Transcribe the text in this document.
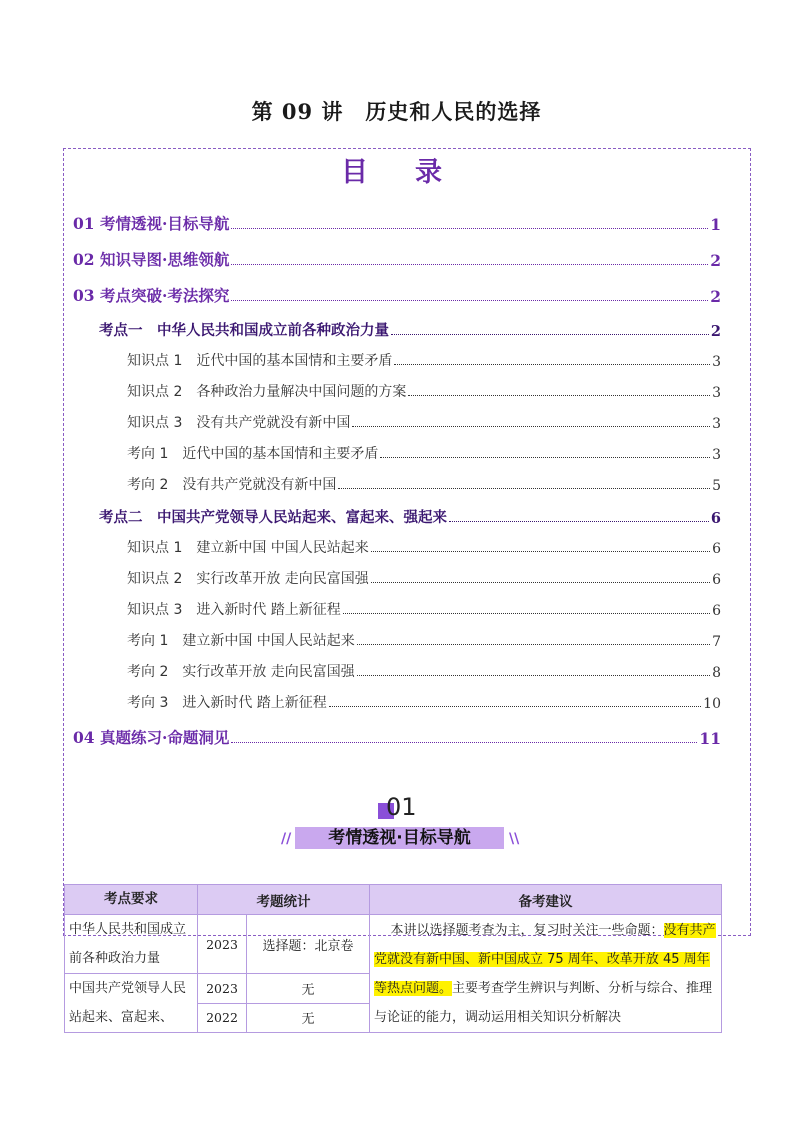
第 09 讲　历史和人民的选择
目　录
01 考情透视·目标导航	1
02 知识导图·思维领航	2
03 考点突破·考法探究	2
考点一　中华人民共和国成立前各种政治力量	2
知识点 1　近代中国的基本国情和主要矛盾	3
知识点 2　各种政治力量解决中国问题的方案	3
知识点 3　没有共产党就没有新中国	3
考向 1　近代中国的基本国情和主要矛盾	3
考向 2　没有共产党就没有新中国	5
考点二　中国共产党领导人民站起来、富起来、强起来	6
知识点 1　建立新中国 中国人民站起来	6
知识点 2　实行改革开放 走向民富国强	6
知识点 3　进入新时代 踏上新征程	6
考向 1　建立新中国 中国人民站起来	7
考向 2　实行改革开放 走向民富国强	8
考向 3　进入新时代 踏上新征程	10
04 真题练习·命题洞见	11
01
//	考情透视·目标导航	\\
考点要求	考题统计		备考建议
中华人民共和国成立前各种政治力量	2023	选择题：北京卷	本讲以选择题考查为主，复习时关注一些命题：没有共产党就没有新中国、新中国成立 75 周年、改革开放 45 周年等热点问题。主要考查学生辨识与判断、分析与综合、推理与论证的能力，调动运用相关知识分析解决
中国共产党领导人民站起来、富起来、	2023	无	
	2022	无	
